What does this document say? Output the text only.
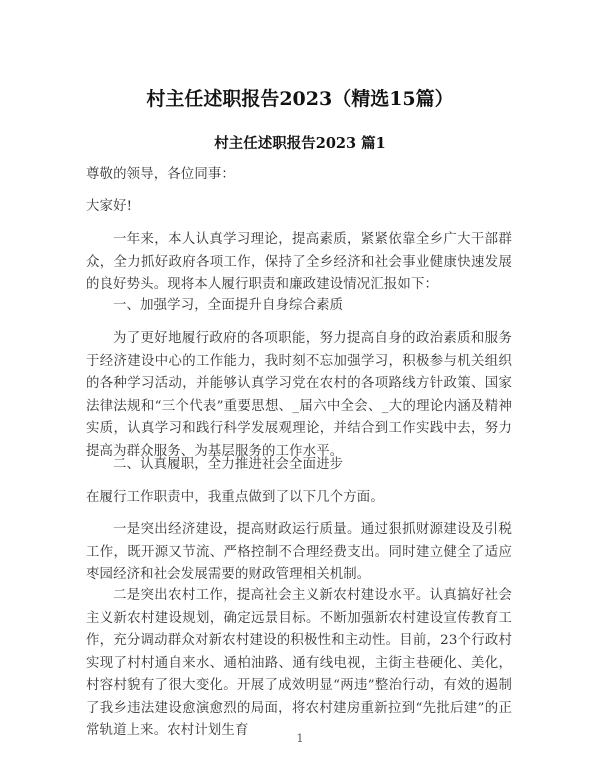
村主任述职报告2023（精选15篇）
村主任述职报告2023 篇1
尊敬的领导，各位同事：
大家好!
一年来，本人认真学习理论，提高素质，紧紧依靠全乡广大干部群众，全力抓好政府各项工作，保持了全乡经济和社会事业健康快速发展的良好势头。现将本人履行职责和廉政建设情况汇报如下：
一、加强学习，全面提升自身综合素质
为了更好地履行政府的各项职能，努力提高自身的政治素质和服务于经济建设中心的工作能力，我时刻不忘加强学习，积极参与机关组织的各种学习活动，并能够认真学习党在农村的各项路线方针政策、国家法律法规和“三个代表”重要思想、_届六中全会、_大的理论内涵及精神实质，认真学习和践行科学发展观理论，并结合到工作实践中去，努力提高为群众服务、为基层服务的工作水平。
二、认真履职，全力推进社会全面进步
在履行工作职责中，我重点做到了以下几个方面。
一是突出经济建设，提高财政运行质量。通过狠抓财源建设及引税工作，既开源又节流、严格控制不合理经费支出。同时建立健全了适应枣园经济和社会发展需要的财政管理相关机制。
二是突出农村工作，提高社会主义新农村建设水平。认真搞好社会主义新农村建设规划，确定远景目标。不断加强新农村建设宣传教育工作，充分调动群众对新农村建设的积极性和主动性。目前，23个行政村实现了村村通自来水、通柏油路、通有线电视，主街主巷硬化、美化，村容村貌有了很大变化。开展了成效明显“两违”整治行动，有效的遏制了我乡违法建设愈演愈烈的局面，将农村建房重新拉到“先批后建”的正常轨道上来。农村计划生育
1
